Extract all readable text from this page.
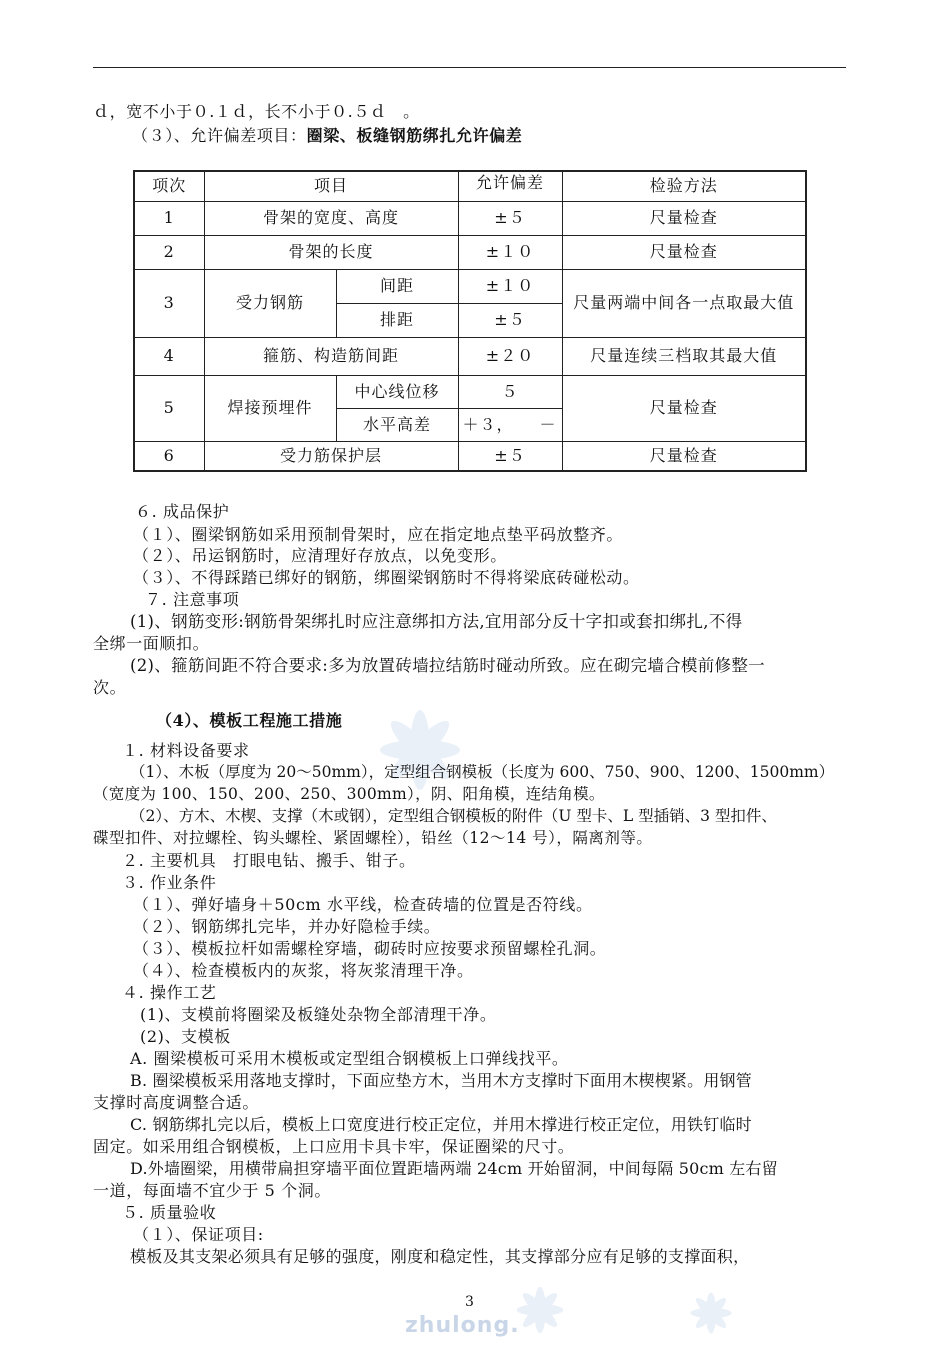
ｄ，宽不小于０.１ｄ，长不小于０.５ｄ　。
（３）、允许偏差项目：圈梁、板缝钢筋绑扎允许偏差
项次	项目		允许偏差	检验方法
1	骨架的宽度、高度		±５	尺量检查
2	骨架的长度		±１０	尺量检查
3	受力钢筋	间距	±１０	尺量两端中间各一点取最大值
		排距	±５	
4	箍筋、构造筋间距		±２０	尺量连续三档取其最大值
5	焊接预埋件	中心线位移	５	尺量检查
		水平高差	＋３，　　－	
6	受力筋保护层		±５	尺量检查
６. 成品保护
（１）、圈梁钢筋如采用预制骨架时，应在指定地点垫平码放整齐。
（２）、吊运钢筋时，应清理好存放点，以免变形。
（３）、不得踩踏已绑好的钢筋，绑圈梁钢筋时不得将梁底砖碰松动。
７. 注意事项
(1)、钢筋变形:钢筋骨架绑扎时应注意绑扣方法,宜用部分反十字扣或套扣绑扎,不得
全绑一面顺扣。
(2)、箍筋间距不符合要求:多为放置砖墙拉结筋时碰动所致。应在砌完墙合模前修整一
次。
（4）、模板工程施工措施
１. 材料设备要求
（1）、木板（厚度为 20～50mm），定型组合钢模板（长度为 600、750、900、1200、1500mm）
（宽度为 100、150、200、250、300mm），阴、阳角模，连结角模。
（2）、方木、木楔、支撑（木或钢），定型组合钢模板的附件（U 型卡、L 型插销、3 型扣件、
碟型扣件、对拉螺栓、钩头螺栓、紧固螺栓），铅丝（12～14 号），隔离剂等。
２. 主要机具　打眼电钻、搬手、钳子。
３. 作业条件
（１）、弹好墙身＋50cm 水平线，检查砖墙的位置是否符线。
（２）、钢筋绑扎完毕，并办好隐检手续。
（３）、模板拉杆如需螺栓穿墙，砌砖时应按要求预留螺栓孔洞。
（４）、检查模板内的灰浆，将灰浆清理干净。
４. 操作工艺
(1)、支模前将圈梁及板缝处杂物全部清理干净。
(2)、支模板
A. 圈梁模板可采用木模板或定型组合钢模板上口弹线找平。
B. 圈梁模板采用落地支撑时，下面应垫方木，当用木方支撑时下面用木楔楔紧。用钢管
支撑时高度调整合适。
C. 钢筋绑扎完以后，模板上口宽度进行校正定位，并用木撑进行校正定位，用铁钉临时
固定。如采用组合钢模板，上口应用卡具卡牢，保证圈梁的尺寸。
D.外墙圈梁，用横带扁担穿墙平面位置距墙两端 24cm 开始留洞，中间每隔 50cm 左右留
一道，每面墙不宜少于 5 个洞。
５. 质量验收
（１）、保证项目:
模板及其支架必须具有足够的强度，刚度和稳定性，其支撑部分应有足够的支撑面积，
3
zhulong.
